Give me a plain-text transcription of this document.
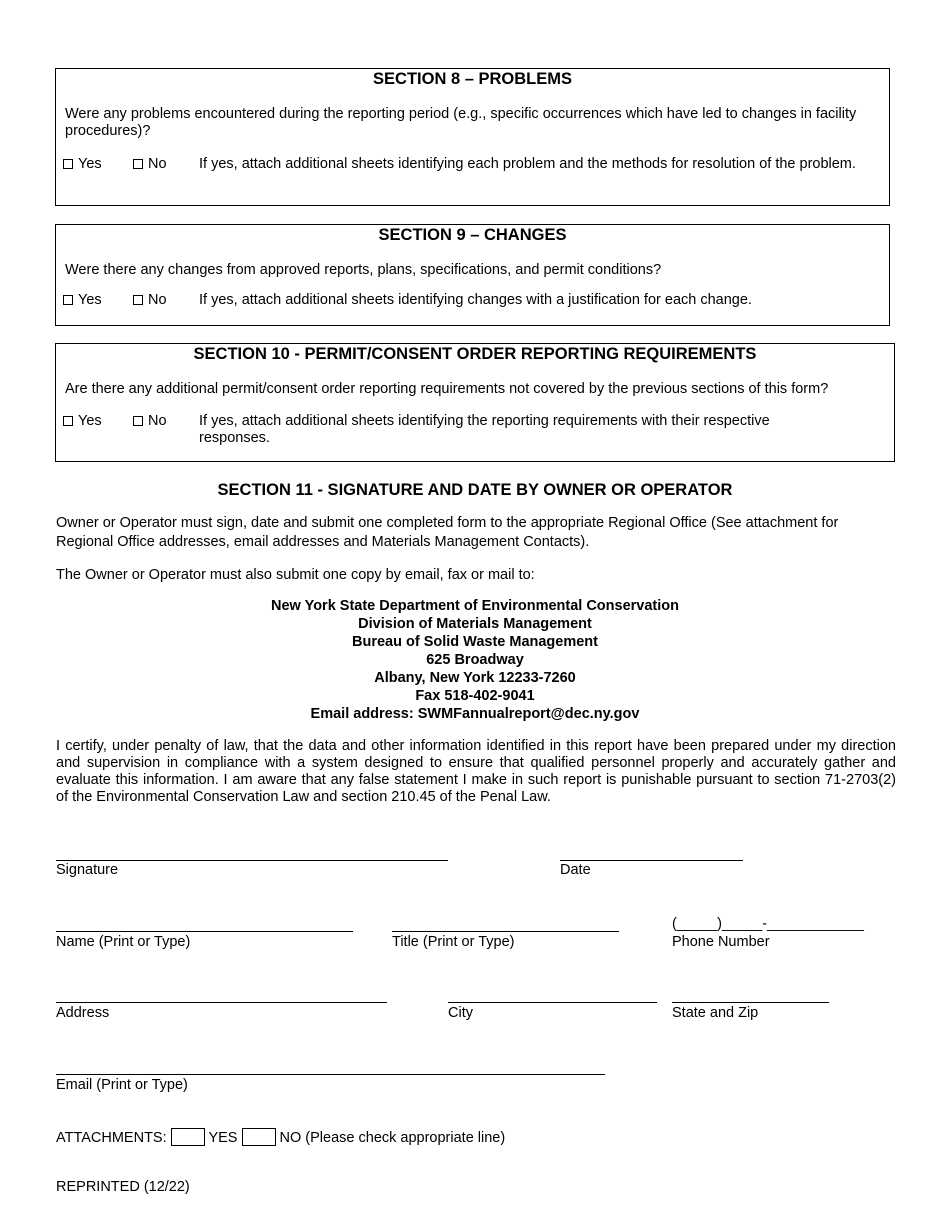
SECTION 8 – PROBLEMS
Were any problems encountered during the reporting period (e.g., specific occurrences which have led to changes in facility procedures)?
Yes	No If yes, attach additional sheets identifying each problem and the methods for resolution of the problem.
SECTION 9 – CHANGES
Were there any changes from approved reports, plans, specifications, and permit conditions?
Yes	No If yes, attach additional sheets identifying changes with a justification for each change.
SECTION 10 - PERMIT/CONSENT ORDER REPORTING REQUIREMENTS
Are there any additional permit/consent order reporting requirements not covered by the previous sections of this form?
Yes	No If yes, attach additional sheets identifying the reporting requirements with their respective responses.
SECTION 11 - SIGNATURE AND DATE BY OWNER OR OPERATOR
Owner or Operator must sign, date and submit one completed form to the appropriate Regional Office (See attachment for Regional Office addresses, email addresses and Materials Management Contacts).
The Owner or Operator must also submit one copy by email, fax or mail to:
New York State Department of Environmental Conservation
Division of Materials Management
Bureau of Solid Waste Management
625 Broadway
Albany, New York 12233-7260
Fax 518-402-9041
Email address: SWMFannualreport@dec.ny.gov
I certify, under penalty of law, that the data and other information identified in this report have been prepared under my direction and supervision in compliance with a system designed to ensure that qualified personnel properly and accurately gather and evaluate this information. I am aware that any false statement I make in such report is punishable pursuant to section 71-2703(2) of the Environmental Conservation Law and section 210.45 of the Penal Law.
Signature	Date
Name (Print or Type)	Title (Print or Type)
(_____)_____-____________
Phone Number
Address	City	State and Zip
Email (Print or Type)
ATTACHMENTS:	YES	NO (Please check appropriate line)
REPRINTED (12/22)
